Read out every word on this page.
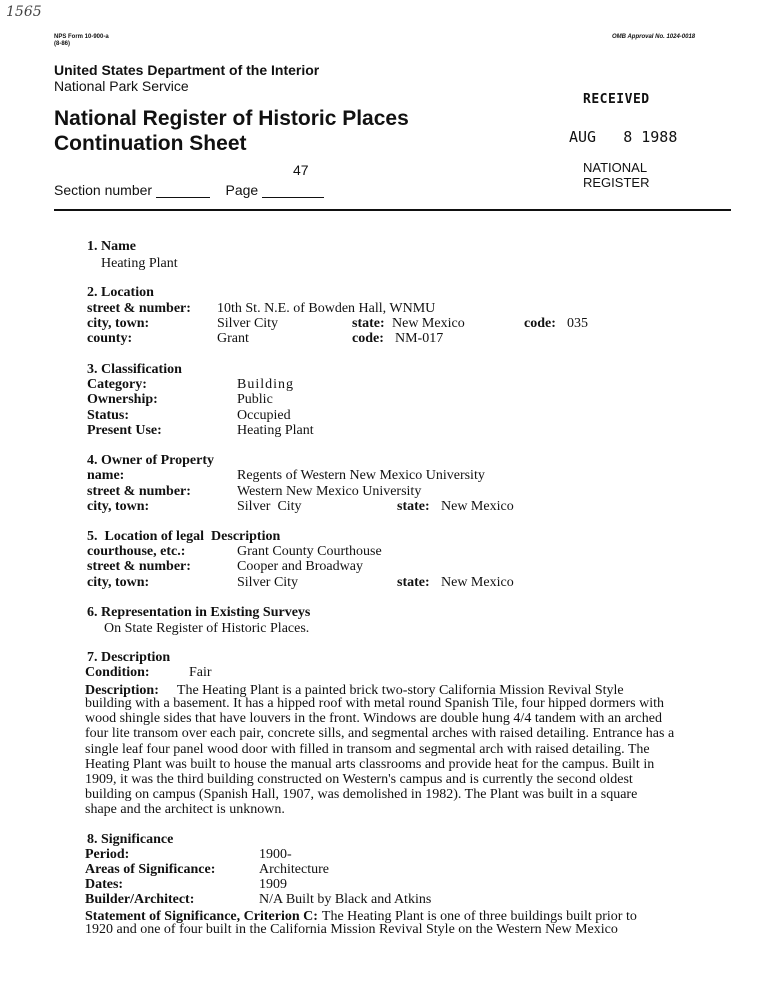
1565
NPS Form 10-900-a
(8-86)
OMB Approval No. 1024-0018
United States Department of the Interior
National Park Service
National Register of Historic Places
Continuation Sheet
47
Section number	Page
RECEIVED
AUG 8 1988
NATIONAL
REGISTER
1. Name
Heating Plant
2. Location
street & number: 10th St. N.E. of Bowden Hall, WNMU
city, town:	Silver City	state: New Mexico	code: 035
county:	Grant	code: NM-017
3. Classification
Category:	Building
Ownership:	Public
Status:	Occupied
Present Use:	Heating Plant
4. Owner of Property
name:	Regents of Western New Mexico University
street & number:	Western New Mexico University
city, town:	Silver  City	state: New Mexico
5.  Location of legal  Description
courthouse, etc.:	Grant County Courthouse
street & number:	Cooper and Broadway
city, town:	Silver City	state: New Mexico
6. Representation in Existing Surveys
On State Register of Historic Places.
7. Description
Condition:	Fair
Description: The Heating Plant is a painted brick two-story California Mission Revival Style
building with a basement. It has a hipped roof with metal round Spanish Tile, four hipped dormers with
wood shingle sides that have louvers in the front. Windows are double hung 4/4 tandem with an arched
four lite transom over each pair, concrete sills, and segmental arches with raised detailing. Entrance has a
single leaf four panel wood door with filled in transom and segmental arch with raised detailing. The
Heating Plant was built to house the manual arts classrooms and provide heat for the campus. Built in
1909, it was the third building constructed on Western's campus and is currently the second oldest
building on campus (Spanish Hall, 1907, was demolished in 1982). The Plant was built in a square
shape and the architect is unknown.
8. Significance
Period:	1900-
Areas of Significance:	Architecture
Dates:	1909
Builder/Architect:	N/A Built by Black and Atkins
Statement of Significance, Criterion C: The Heating Plant is one of three buildings built prior to
1920 and one of four built in the California Mission Revival Style on the Western New Mexico
